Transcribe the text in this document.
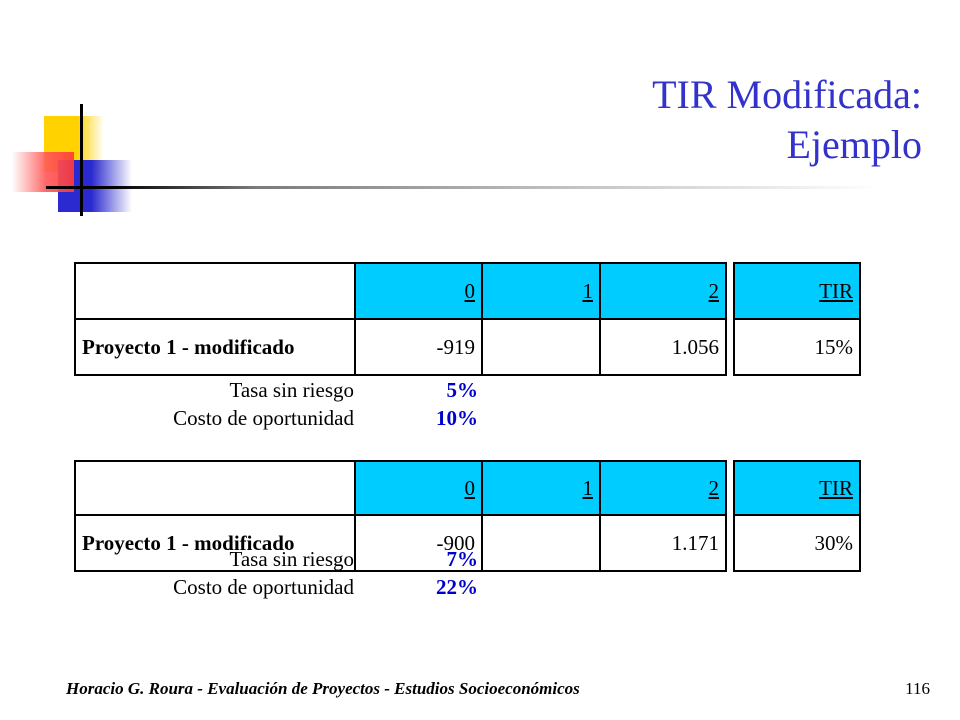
TIR Modificada:
Ejemplo
	0	1	2		TIR
Proyecto 1 - modificado	-919		1.056		15%
Tasa sin riesgo	5%
Costo de oportunidad	10%
	0	1	2		TIR
Proyecto 1 - modificado	-900		1.171		30%
Tasa sin riesgo	7%
Costo de oportunidad	22%
Horacio G. Roura - Evaluación de Proyectos - Estudios Socioeconómicos	116
